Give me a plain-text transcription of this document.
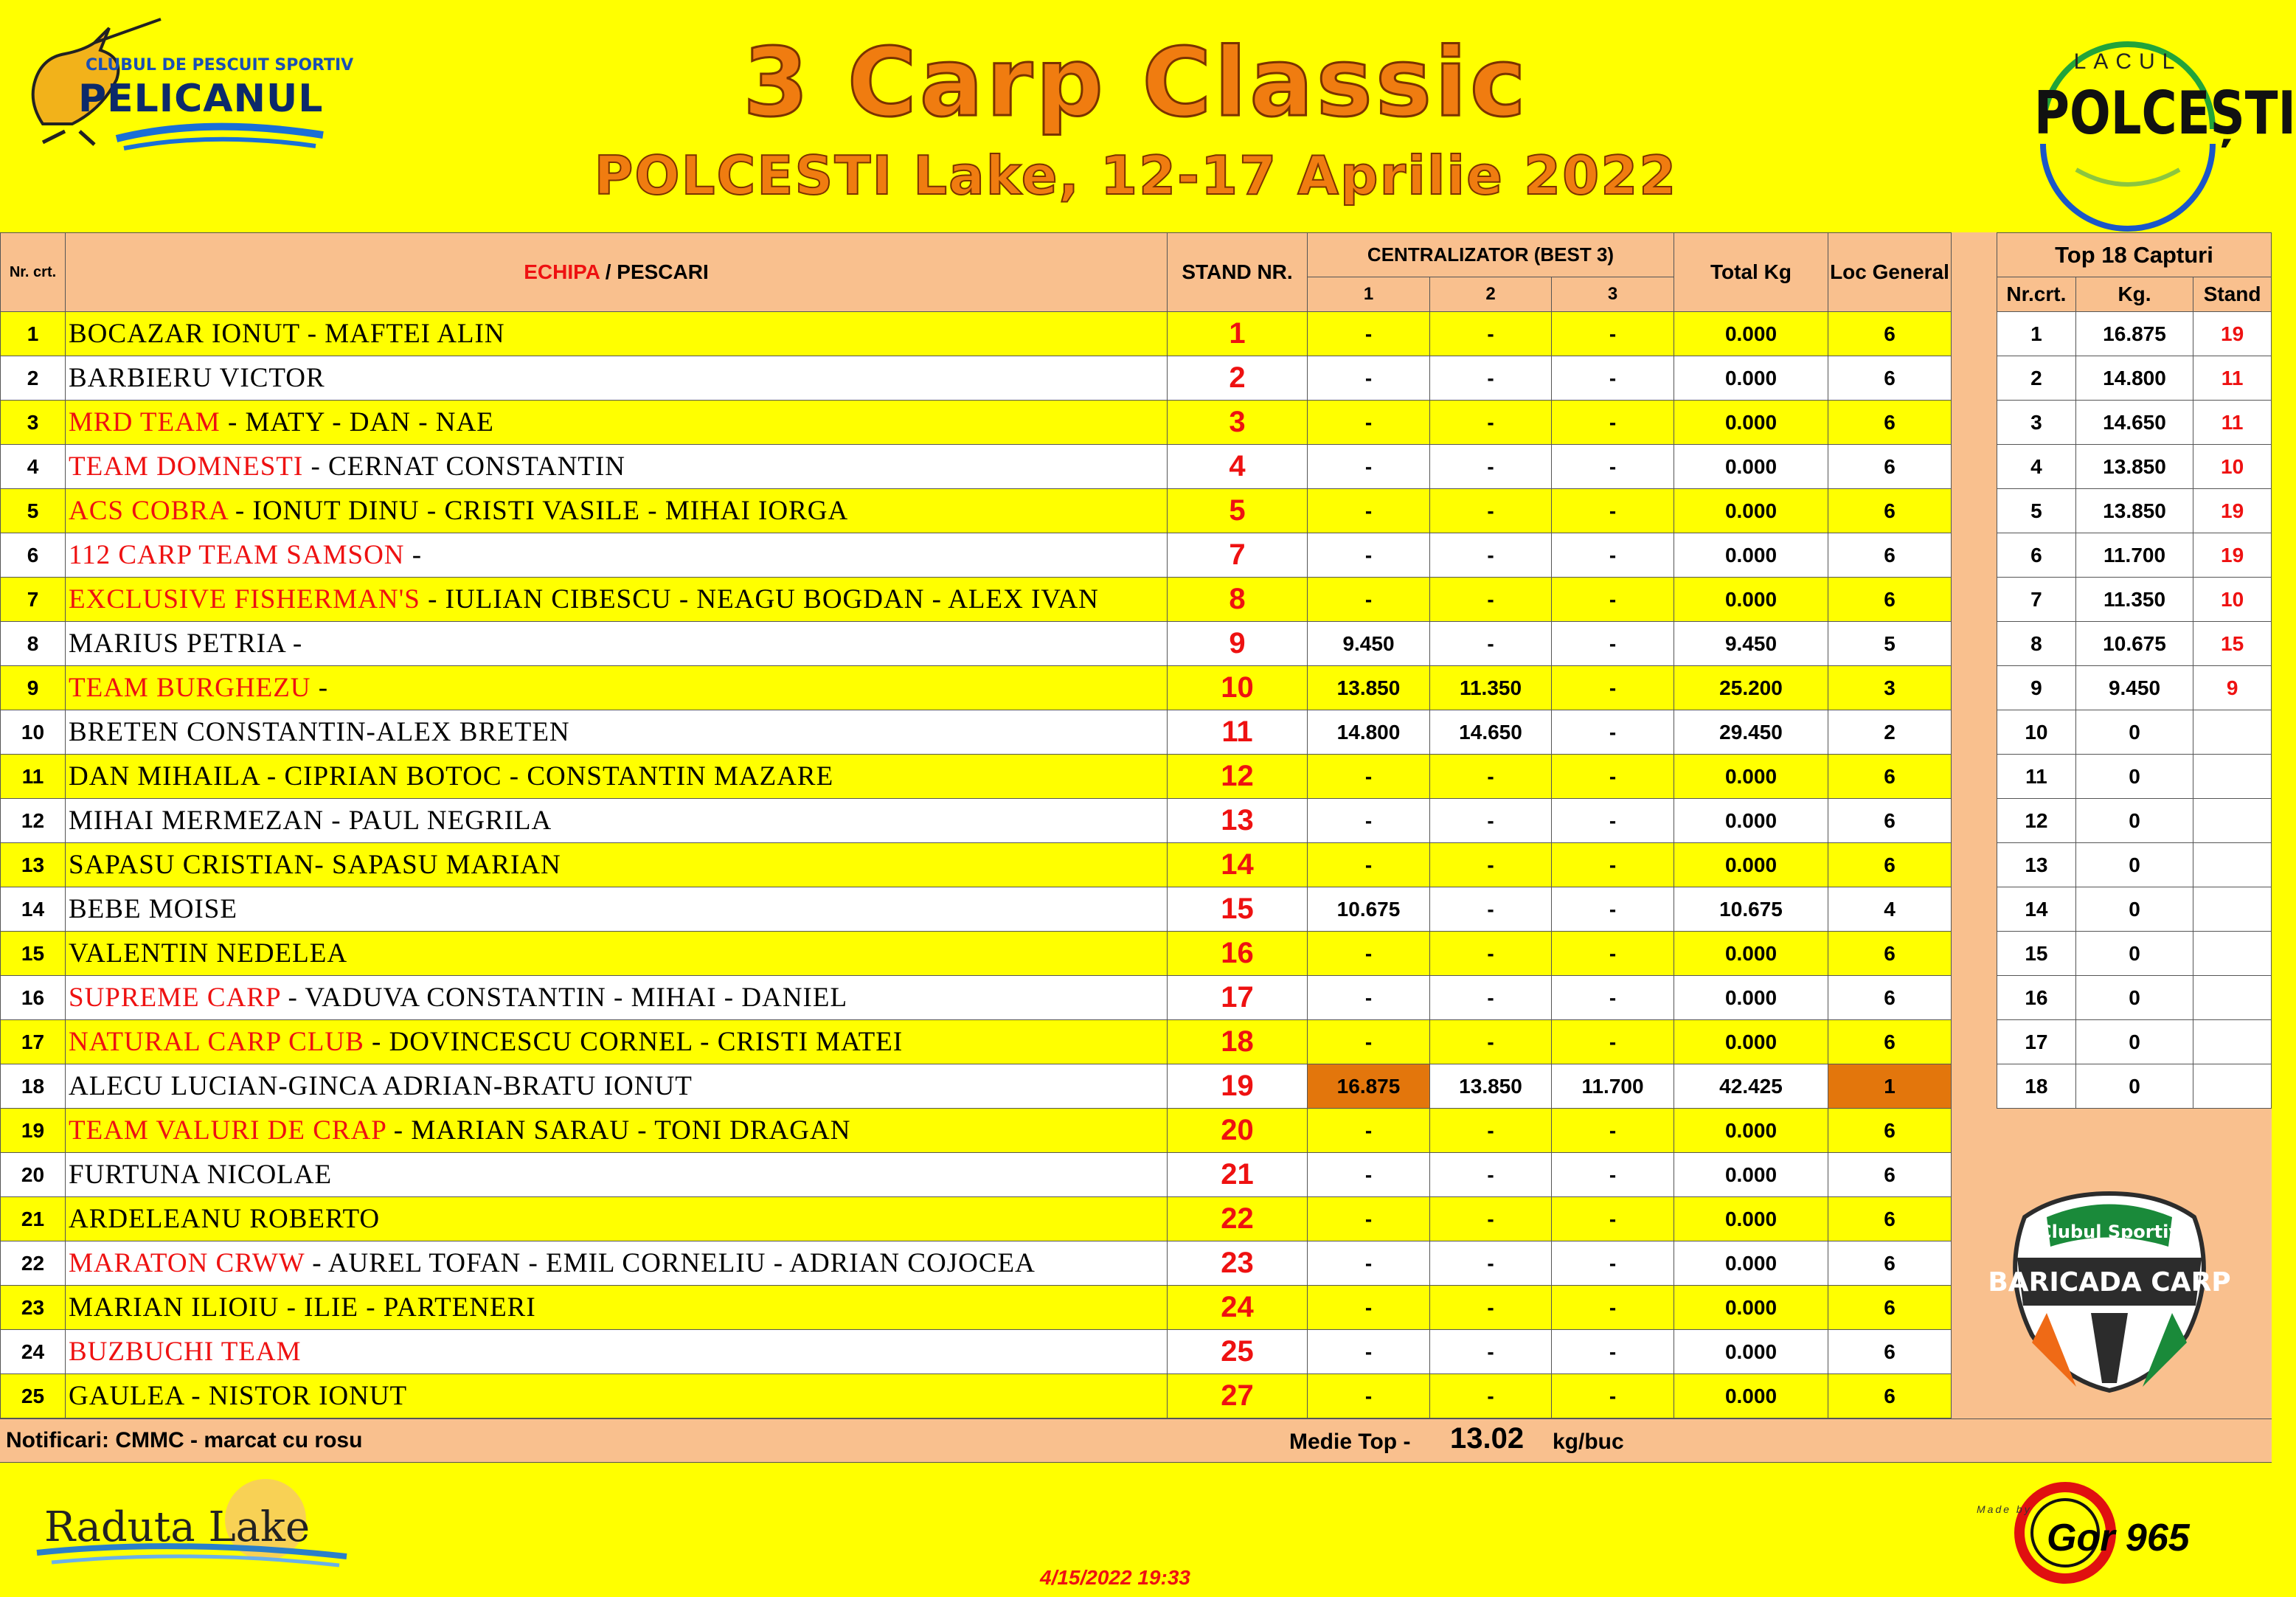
CLUBUL DE PESCUIT SPORTIV
PELICANUL	3 Carp Classic
POLCESTI Lake, 12-17 Aprilie 2022
LACUL
POLCEȘTI
Nr. crt.	ECHIPA / PESCARI	STAND NR.	CENTRALIZATOR (BEST 3)			Total Kg	Loc General
			1	2	3		
1	BOCAZAR IONUT - MAFTEI ALIN	1	-	-	-	0.000	6
2	BARBIERU VICTOR	2	-	-	-	0.000	6
3	MRD TEAM - MATY - DAN - NAE	3	-	-	-	0.000	6
4	TEAM DOMNESTI - CERNAT CONSTANTIN	4	-	-	-	0.000	6
5	ACS COBRA - IONUT DINU - CRISTI VASILE - MIHAI IORGA	5	-	-	-	0.000	6
6	112 CARP TEAM SAMSON -	7	-	-	-	0.000	6
7	EXCLUSIVE FISHERMAN'S - IULIAN CIBESCU - NEAGU BOGDAN - ALEX IVAN	8	-	-	-	0.000	6
8	MARIUS PETRIA -	9	9.450	-	-	9.450	5
9	TEAM BURGHEZU -	10	13.850	11.350	-	25.200	3
10	BRETEN CONSTANTIN-ALEX BRETEN	11	14.800	14.650	-	29.450	2
11	DAN MIHAILA - CIPRIAN BOTOC - CONSTANTIN MAZARE	12	-	-	-	0.000	6
12	MIHAI MERMEZAN - PAUL NEGRILA	13	-	-	-	0.000	6
13	SAPASU CRISTIAN- SAPASU MARIAN	14	-	-	-	0.000	6
14	BEBE MOISE	15	10.675	-	-	10.675	4
15	VALENTIN NEDELEA	16	-	-	-	0.000	6
16	SUPREME CARP - VADUVA CONSTANTIN - MIHAI - DANIEL	17	-	-	-	0.000	6
17	NATURAL CARP CLUB - DOVINCESCU CORNEL - CRISTI MATEI	18	-	-	-	0.000	6
18	ALECU LUCIAN-GINCA ADRIAN-BRATU IONUT	19	16.875	13.850	11.700	42.425	1
19	TEAM VALURI DE CRAP - MARIAN SARAU - TONI DRAGAN	20	-	-	-	0.000	6
20	FURTUNA NICOLAE	21	-	-	-	0.000	6
21	ARDELEANU ROBERTO	22	-	-	-	0.000	6
22	MARATON CRWW - AUREL TOFAN - EMIL CORNELIU - ADRIAN COJOCEA	23	-	-	-	0.000	6
23	MARIAN ILIOIU - ILIE - PARTENERI	24	-	-	-	0.000	6
24	BUZBUCHI TEAM	25	-	-	-	0.000	6
25	GAULEA - NISTOR IONUT	27	-	-	-	0.000	6
Top 18 Capturi		
Nr.crt.	Kg.	Stand
1	16.875	19
2	14.800	11
3	14.650	11
4	13.850	10
5	13.850	19
6	11.700	19
7	11.350	10
8	10.675	15
9	9.450	9
10	0	
11	0	
12	0	
13	0	
14	0	
15	0	
16	0	
17	0	
18	0	
Clubul Sportiv
BARICADA CARP
Notificari: CMMC - marcat cu rosu	Medie Top - 13.02 kg/buc
Raduta Lake
4/15/2022 19:33
Made by
Gor 965
